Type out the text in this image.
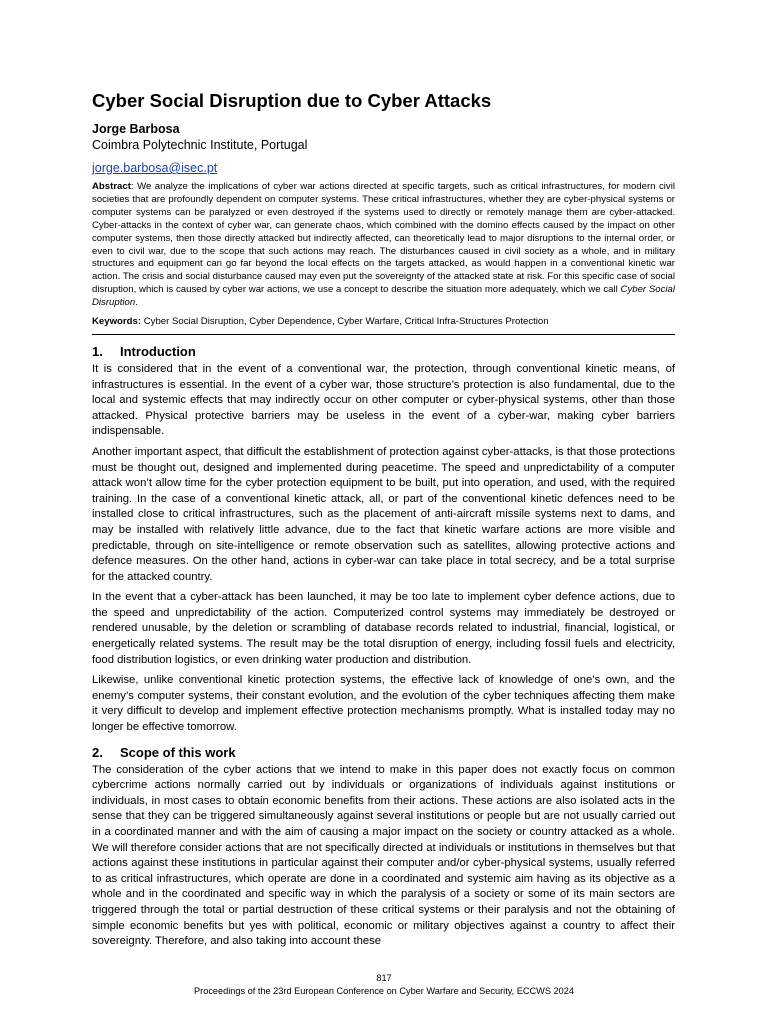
Cyber Social Disruption due to Cyber Attacks

Jorge Barbosa

Coimbra Polytechnic Institute, Portugal

jorge.barbosa@isec.pt

Abstract: We analyze the implications of cyber war actions directed at specific targets, such as critical infrastructures, for modern civil societies that are profoundly dependent on computer systems. These critical infrastructures, whether they are cyber-physical systems or computer systems can be paralyzed or even destroyed if the systems used to directly or remotely manage them are cyber-attacked. Cyber-attacks in the context of cyber war, can generate chaos, which combined with the domino effects caused by the impact on other computer systems, then those directly attacked but indirectly affected, can theoretically lead to major disruptions to the internal order, or even to civil war, due to the scope that such actions may reach. The disturbances caused in civil society as a whole, and in military structures and equipment can go far beyond the local effects on the targets attacked, as would happen in a conventional kinetic war action. The crisis and social disturbance caused may even put the sovereignty of the attacked state at risk. For this specific case of social disruption, which is caused by cyber war actions, we use a concept to describe the situation more adequately, which we call Cyber Social Disruption.

Keywords: Cyber Social Disruption, Cyber Dependence, Cyber Warfare, Critical Infra-Structures Protection

1. Introduction

It is considered that in the event of a conventional war, the protection, through conventional kinetic means, of infrastructures is essential. In the event of a cyber war, those structure’s protection is also fundamental, due to the local and systemic effects that may indirectly occur on other computer or cyber-physical systems, other than those attacked. Physical protective barriers may be useless in the event of a cyber-war, making cyber barriers indispensable.

Another important aspect, that difficult the establishment of protection against cyber-attacks, is that those protections must be thought out, designed and implemented during peacetime. The speed and unpredictability of a computer attack won’t allow time for the cyber protection equipment to be built, put into operation, and used, with the required training. In the case of a conventional kinetic attack, all, or part of the conventional kinetic defences need to be installed close to critical infrastructures, such as the placement of anti-aircraft missile systems next to dams, and may be installed with relatively little advance, due to the fact that kinetic warfare actions are more visible and predictable, through on site-intelligence or remote observation such as satellites, allowing protective actions and defence measures. On the other hand, actions in cyber-war can take place in total secrecy, and be a total surprise for the attacked country.

In the event that a cyber-attack has been launched, it may be too late to implement cyber defence actions, due to the speed and unpredictability of the action. Computerized control systems may immediately be destroyed or rendered unusable, by the deletion or scrambling of database records related to industrial, financial, logistical, or energetically related systems. The result may be the total disruption of energy, including fossil fuels and electricity, food distribution logistics, or even drinking water production and distribution.

Likewise, unlike conventional kinetic protection systems, the effective lack of knowledge of one’s own, and the enemy’s computer systems, their constant evolution, and the evolution of the cyber techniques affecting them make it very difficult to develop and implement effective protection mechanisms promptly. What is installed today may no longer be effective tomorrow.

2. Scope of this work

The consideration of the cyber actions that we intend to make in this paper does not exactly focus on common cybercrime actions normally carried out by individuals or organizations of individuals against institutions or individuals, in most cases to obtain economic benefits from their actions. These actions are also isolated acts in the sense that they can be triggered simultaneously against several institutions or people but are not usually carried out in a coordinated manner and with the aim of causing a major impact on the society or country attacked as a whole. We will therefore consider actions that are not specifically directed at individuals or institutions in themselves but that actions against these institutions in particular against their computer and/or cyber-physical systems, usually referred to as critical infrastructures, which operate are done in a coordinated and systemic aim having as its objective as a whole and in the coordinated and specific way in which the paralysis of a society or some of its main sectors are triggered through the total or partial destruction of these critical systems or their paralysis and not the obtaining of simple economic benefits but yes with political, economic or military objectives against a country to affect their sovereignty. Therefore, and also taking into account these

817
Proceedings of the 23rd European Conference on Cyber Warfare and Security, ECCWS 2024
